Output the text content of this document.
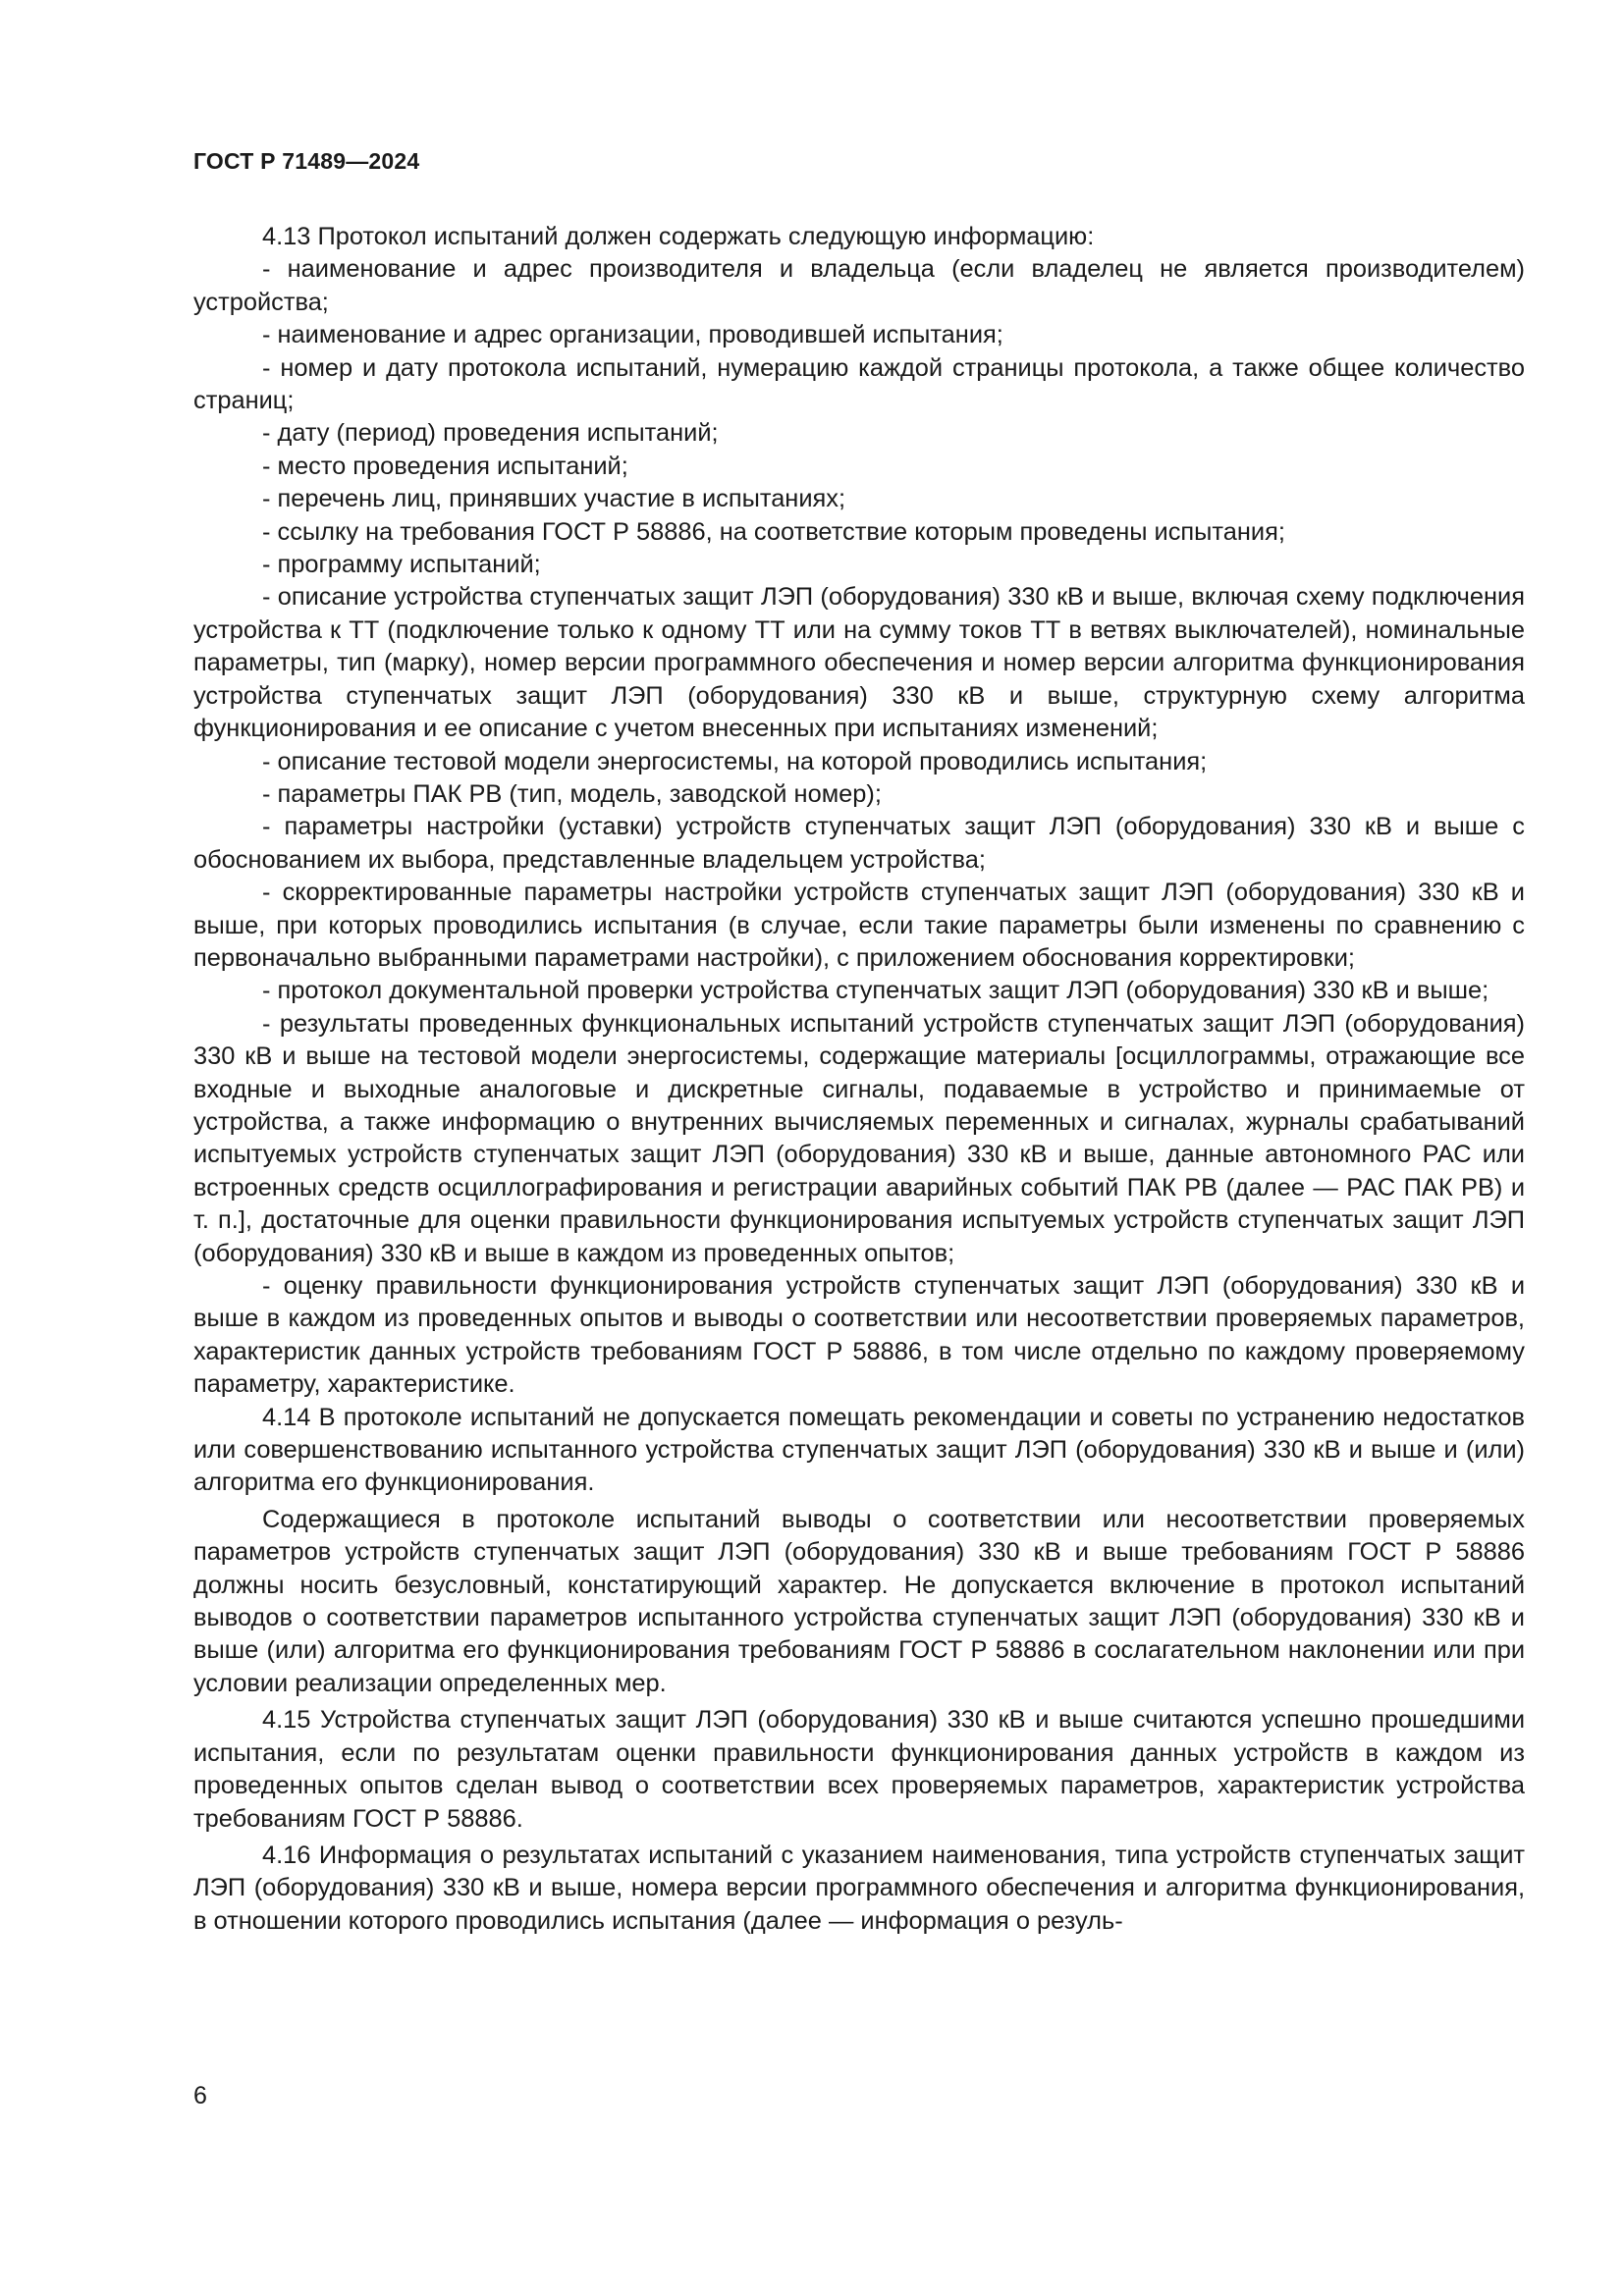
ГОСТ Р 71489—2024

4.13 Протокол испытаний должен содержать следующую информацию:

- наименование и адрес производителя и владельца (если владелец не является производителем) устройства;

- наименование и адрес организации, проводившей испытания;

- номер и дату протокола испытаний, нумерацию каждой страницы протокола, а также общее количество страниц;

- дату (период) проведения испытаний;

- место проведения испытаний;

- перечень лиц, принявших участие в испытаниях;

- ссылку на требования ГОСТ Р 58886, на соответствие которым проведены испытания;

- программу испытаний;

- описание устройства ступенчатых защит ЛЭП (оборудования) 330 кВ и выше, включая схему подключения устройства к ТТ (подключение только к одному ТТ или на сумму токов ТТ в ветвях выключателей), номинальные параметры, тип (марку), номер версии программного обеспечения и номер версии алгоритма функционирования устройства ступенчатых защит ЛЭП (оборудования) 330 кВ и выше, структурную схему алгоритма функционирования и ее описание с учетом внесенных при испытаниях изменений;

- описание тестовой модели энергосистемы, на которой проводились испытания;

- параметры ПАК РВ (тип, модель, заводской номер);

- параметры настройки (уставки) устройств ступенчатых защит ЛЭП (оборудования) 330 кВ и выше с обоснованием их выбора, представленные владельцем устройства;

- скорректированные параметры настройки устройств ступенчатых защит ЛЭП (оборудования) 330 кВ и выше, при которых проводились испытания (в случае, если такие параметры были изменены по сравнению с первоначально выбранными параметрами настройки), с приложением обоснования корректировки;

- протокол документальной проверки устройства ступенчатых защит ЛЭП (оборудования) 330 кВ и выше;

- результаты проведенных функциональных испытаний устройств ступенчатых защит ЛЭП (оборудования) 330 кВ и выше на тестовой модели энергосистемы, содержащие материалы [осциллограммы, отражающие все входные и выходные аналоговые и дискретные сигналы, подаваемые в устройство и принимаемые от устройства, а также информацию о внутренних вычисляемых переменных и сигналах, журналы срабатываний испытуемых устройств ступенчатых защит ЛЭП (оборудования) 330 кВ и выше, данные автономного РАС или встроенных средств осциллографирования и регистрации аварийных событий ПАК РВ (далее — РАС ПАК РВ) и т. п.], достаточные для оценки правильности функционирования испытуемых устройств ступенчатых защит ЛЭП (оборудования) 330 кВ и выше в каждом из проведенных опытов;

- оценку правильности функционирования устройств ступенчатых защит ЛЭП (оборудования) 330 кВ и выше в каждом из проведенных опытов и выводы о соответствии или несоответствии проверяемых параметров, характеристик данных устройств требованиям ГОСТ Р 58886, в том числе отдельно по каждому проверяемому параметру, характеристике.

4.14 В протоколе испытаний не допускается помещать рекомендации и советы по устранению недостатков или совершенствованию испытанного устройства ступенчатых защит ЛЭП (оборудования) 330 кВ и выше и (или) алгоритма его функционирования.

Содержащиеся в протоколе испытаний выводы о соответствии или несоответствии проверяемых параметров устройств ступенчатых защит ЛЭП (оборудования) 330 кВ и выше требованиям ГОСТ Р 58886 должны носить безусловный, констатирующий характер. Не допускается включение в протокол испытаний выводов о соответствии параметров испытанного устройства ступенчатых защит ЛЭП (оборудования) 330 кВ и выше (или) алгоритма его функционирования требованиям ГОСТ Р 58886 в сослагательном наклонении или при условии реализации определенных мер.

4.15 Устройства ступенчатых защит ЛЭП (оборудования) 330 кВ и выше считаются успешно прошедшими испытания, если по результатам оценки правильности функционирования данных устройств в каждом из проведенных опытов сделан вывод о соответствии всех проверяемых параметров, характеристик устройства требованиям ГОСТ Р 58886.

4.16 Информация о результатах испытаний с указанием наименования, типа устройств ступенчатых защит ЛЭП (оборудования) 330 кВ и выше, номера версии программного обеспечения и алгоритма функционирования, в отношении которого проводились испытания (далее — информация о резуль-

6
